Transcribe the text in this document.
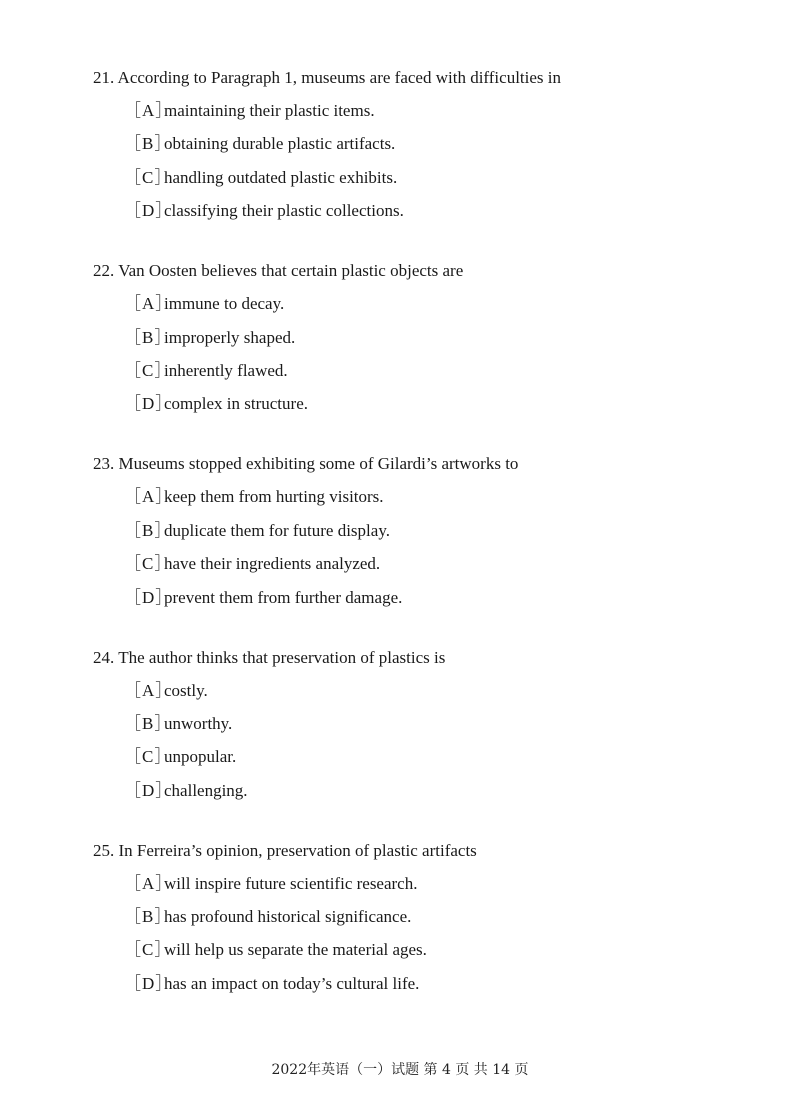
21. According to Paragraph 1, museums are faced with difficulties in
［A］
maintaining their plastic items.
［B］
obtaining durable plastic artifacts.
［C］
handling outdated plastic exhibits.
［D］
classifying their plastic collections.
22. Van Oosten believes that certain plastic objects are
［A］
immune to decay.
［B］
improperly shaped.
［C］
inherently flawed.
［D］
complex in structure.
23. Museums stopped exhibiting some of Gilardi’s artworks to
［A］
keep them from hurting visitors.
［B］
duplicate them for future display.
［C］
have their ingredients analyzed.
［D］
prevent them from further damage.
24. The author thinks that preservation of plastics is
［A］
costly.
［B］
unworthy.
［C］
unpopular.
［D］
challenging.
25. In Ferreira’s opinion, preservation of plastic artifacts
［A］
will inspire future scientific research.
［B］
has profound historical significance.
［C］
will help us separate the material ages.
［D］
has an impact on today’s cultural life.
2022年英语（一）试题 第 4 页 共 14 页
